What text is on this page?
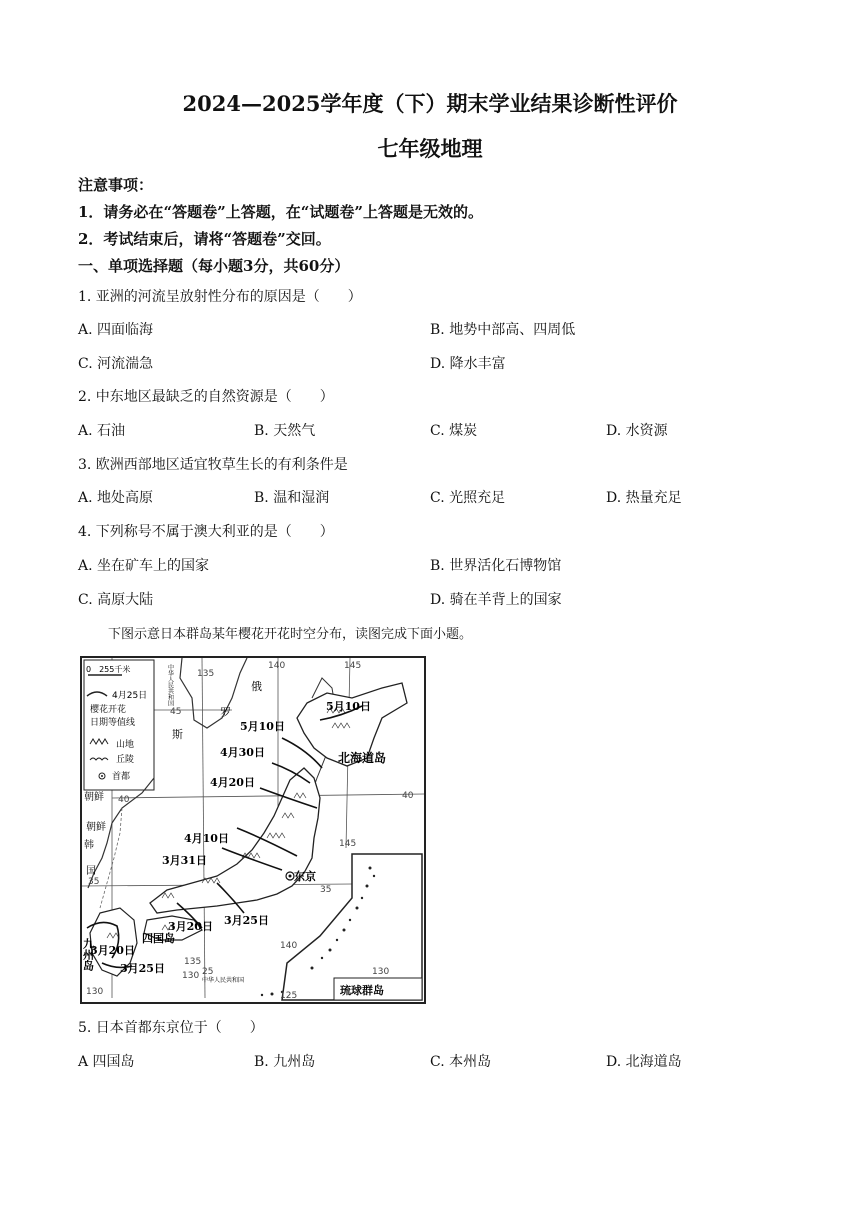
2024—2025学年度（下）期末学业结果诊断性评价
七年级地理
注意事项：
1．请务必在“答题卷”上答题，在“试题卷”上答题是无效的。
2．考试结束后，请将“答题卷”交回。
一、单项选择题（每小题3分，共60分）
1. 亚洲的河流呈放射性分布的原因是（　　）
A. 四面临海	B. 地势中部高、四周低
C. 河流湍急	D. 降水丰富
2. 中东地区最缺乏的自然资源是（　　）
A. 石油	B. 天然气	C. 煤炭	D. 水资源
3. 欧洲西部地区适宜牧草生长的有利条件是
A. 地处高原	B. 温和湿润	C. 光照充足	D. 热量充足
4. 下列称号不属于澳大利亚的是（　　）
A. 坐在矿车上的国家	B. 世界活化石博物馆
C. 高原大陆	D. 骑在羊背上的国家
下图示意日本群岛某年樱花开花时空分布，读图完成下面小题。
0　255千米
4月25日
樱花开花
日期等值线
山地
丘陵
首都
俄
罗
斯
中华人民共和国
朝鲜
朝鲜
韩
国
北海道岛
东京
四国岛
九州岛
琉球群岛
中华人民共和国
5月10日
5月10日
4月30日
4月20日
4月10日
3月31日
3月25日
3月20日
3月20日
3月25日
135
140	145
145
130
140
135
125
130
130
45
40	40
35
35
25
5. 日本首都东京位于（　　）
A 四国岛	B. 九州岛	C. 本州岛	D. 北海道岛
